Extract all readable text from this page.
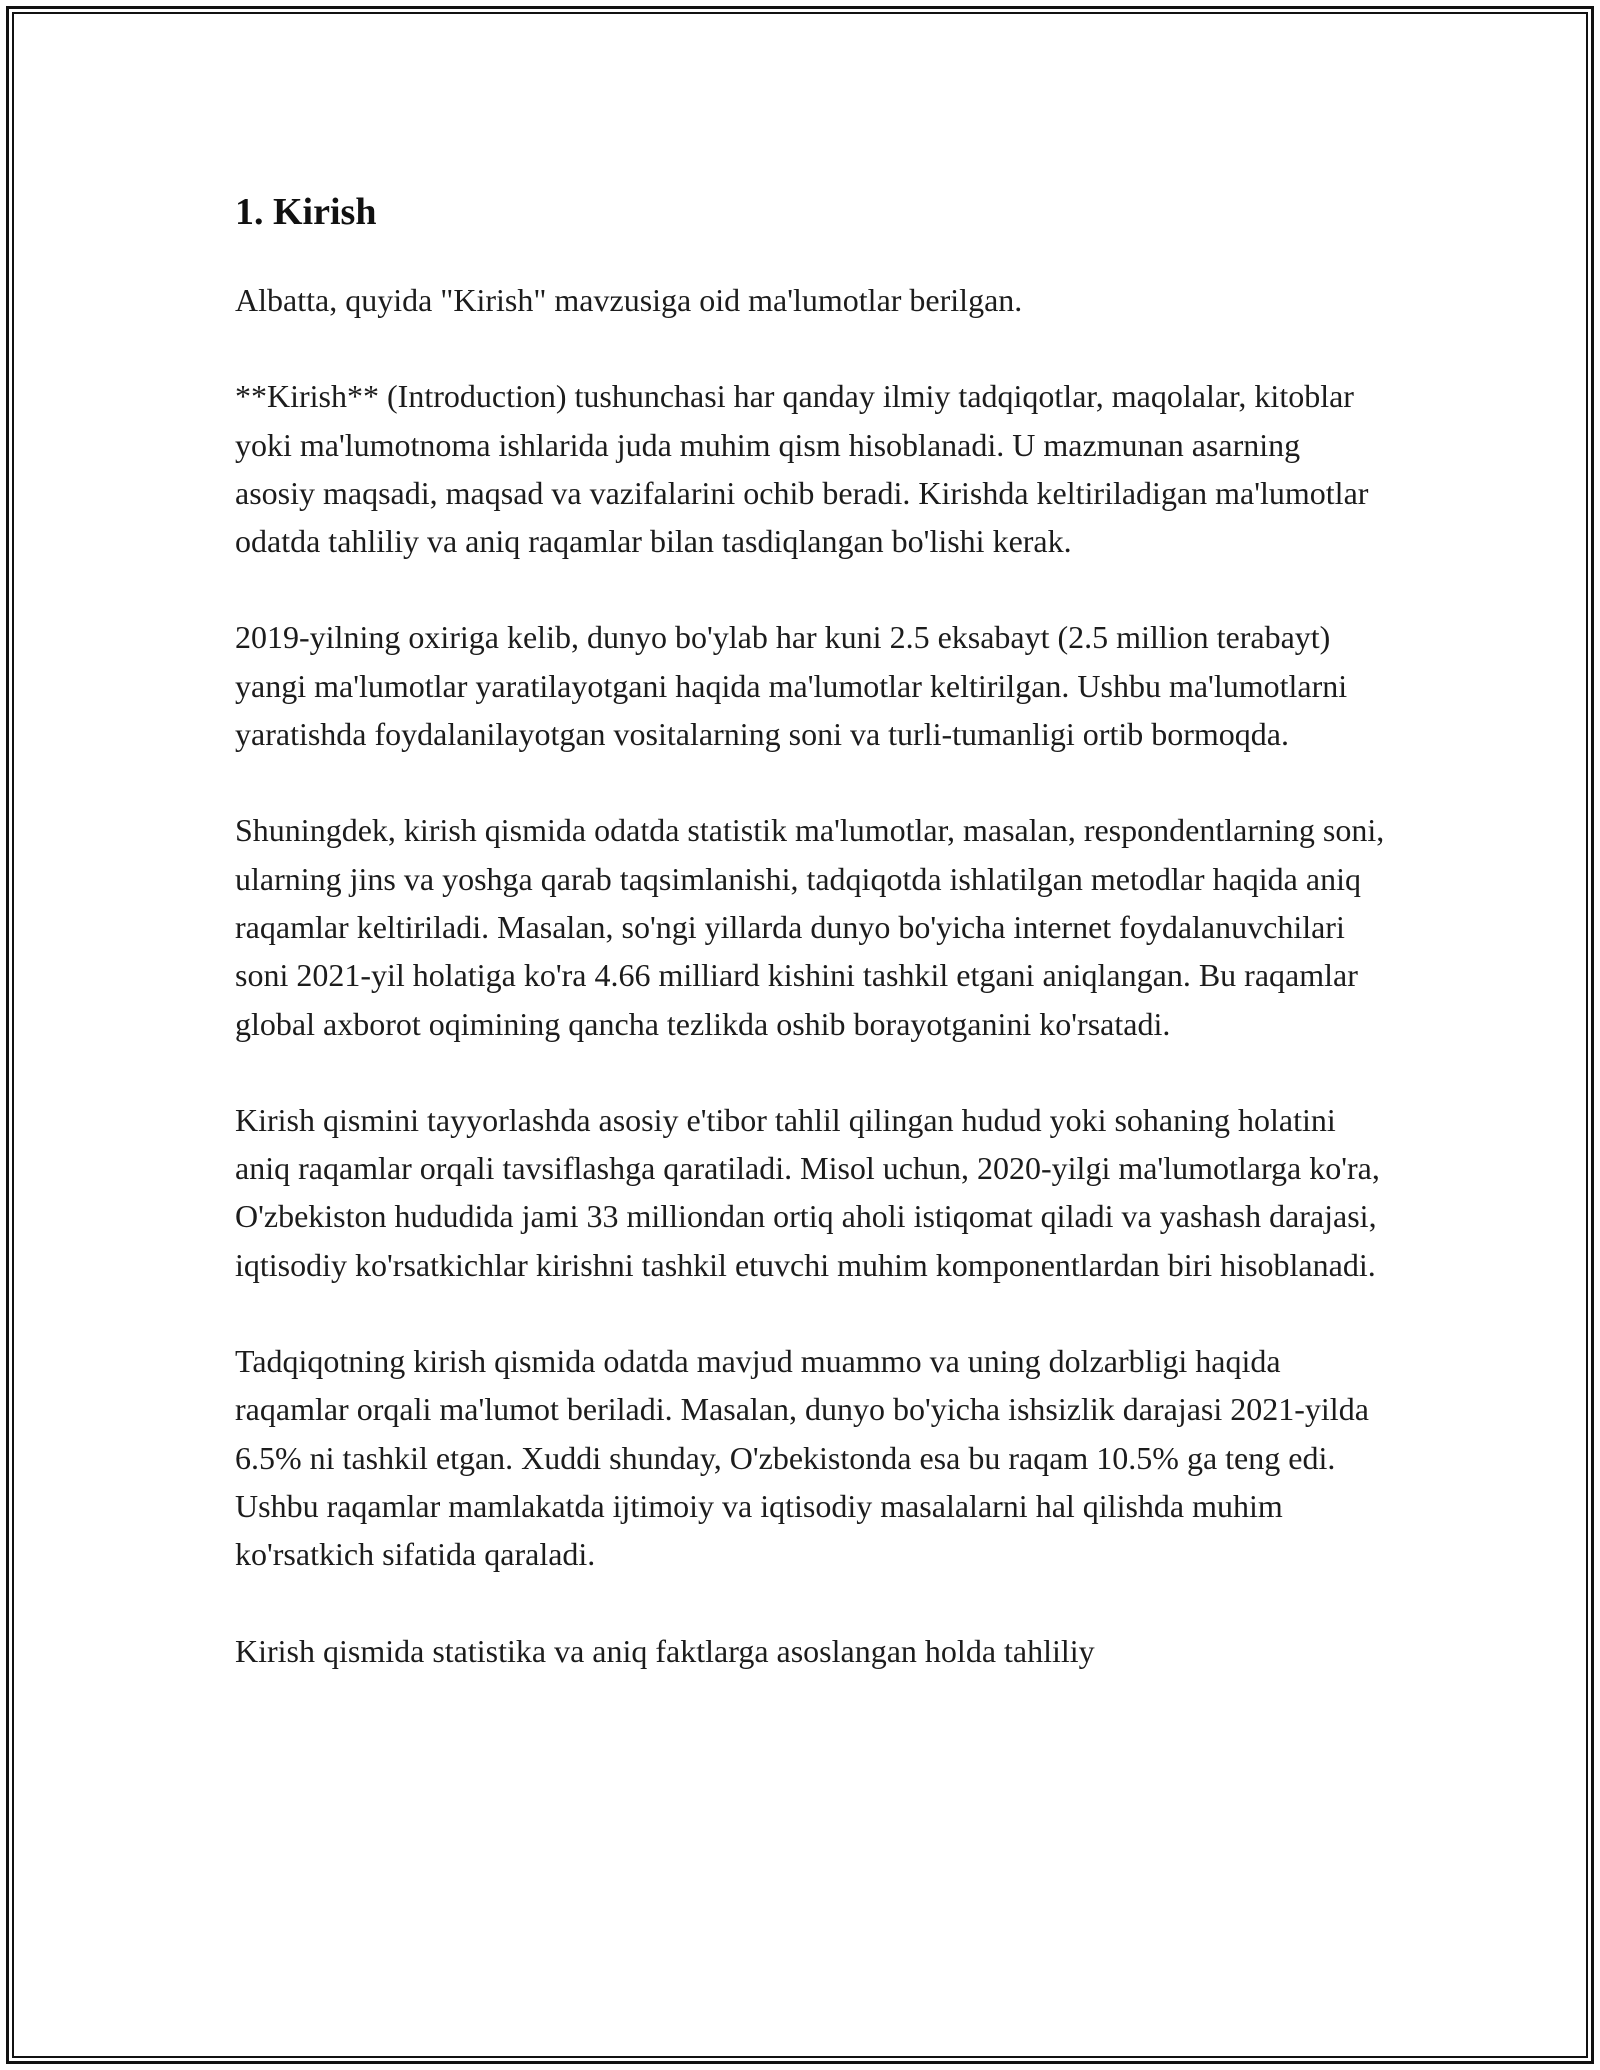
1. Kirish

Albatta, quyida "Kirish" mavzusiga oid ma'lumotlar berilgan.

**Kirish** (Introduction) tushunchasi har qanday ilmiy tadqiqotlar, maqolalar, kitoblar yoki ma'lumotnoma ishlarida juda muhim qism hisoblanadi. U mazmunan asarning asosiy maqsadi, maqsad va vazifalarini ochib beradi. Kirishda keltiriladigan ma'lumotlar odatda tahliliy va aniq raqamlar bilan tasdiqlangan bo'lishi kerak.

2019-yilning oxiriga kelib, dunyo bo'ylab har kuni 2.5 eksabayt (2.5 million terabayt) yangi ma'lumotlar yaratilayotgani haqida ma'lumotlar keltirilgan. Ushbu ma'lumotlarni yaratishda foydalanilayotgan vositalarning soni va turli-tumanligi ortib bormoqda.

Shuningdek, kirish qismida odatda statistik ma'lumotlar, masalan, respondentlarning soni, ularning jins va yoshga qarab taqsimlanishi, tadqiqotda ishlatilgan metodlar haqida aniq raqamlar keltiriladi. Masalan, so'ngi yillarda dunyo bo'yicha internet foydalanuvchilari soni 2021-yil holatiga ko'ra 4.66 milliard kishini tashkil etgani aniqlangan. Bu raqamlar global axborot oqimining qancha tezlikda oshib borayotganini ko'rsatadi.

Kirish qismini tayyorlashda asosiy e'tibor tahlil qilingan hudud yoki sohaning holatini aniq raqamlar orqali tavsiflashga qaratiladi. Misol uchun, 2020-yilgi ma'lumotlarga ko'ra, O'zbekiston hududida jami 33 milliondan ortiq aholi istiqomat qiladi va yashash darajasi, iqtisodiy ko'rsatkichlar kirishni tashkil etuvchi muhim komponentlardan biri hisoblanadi.

Tadqiqotning kirish qismida odatda mavjud muammo va uning dolzarbligi haqida raqamlar orqali ma'lumot beriladi. Masalan, dunyo bo'yicha ishsizlik darajasi 2021-yilda 6.5% ni tashkil etgan. Xuddi shunday, O'zbekistonda esa bu raqam 10.5% ga teng edi. Ushbu raqamlar mamlakatda ijtimoiy va iqtisodiy masalalarni hal qilishda muhim ko'rsatkich sifatida qaraladi.

Kirish qismida statistika va aniq faktlarga asoslangan holda tahliliy
